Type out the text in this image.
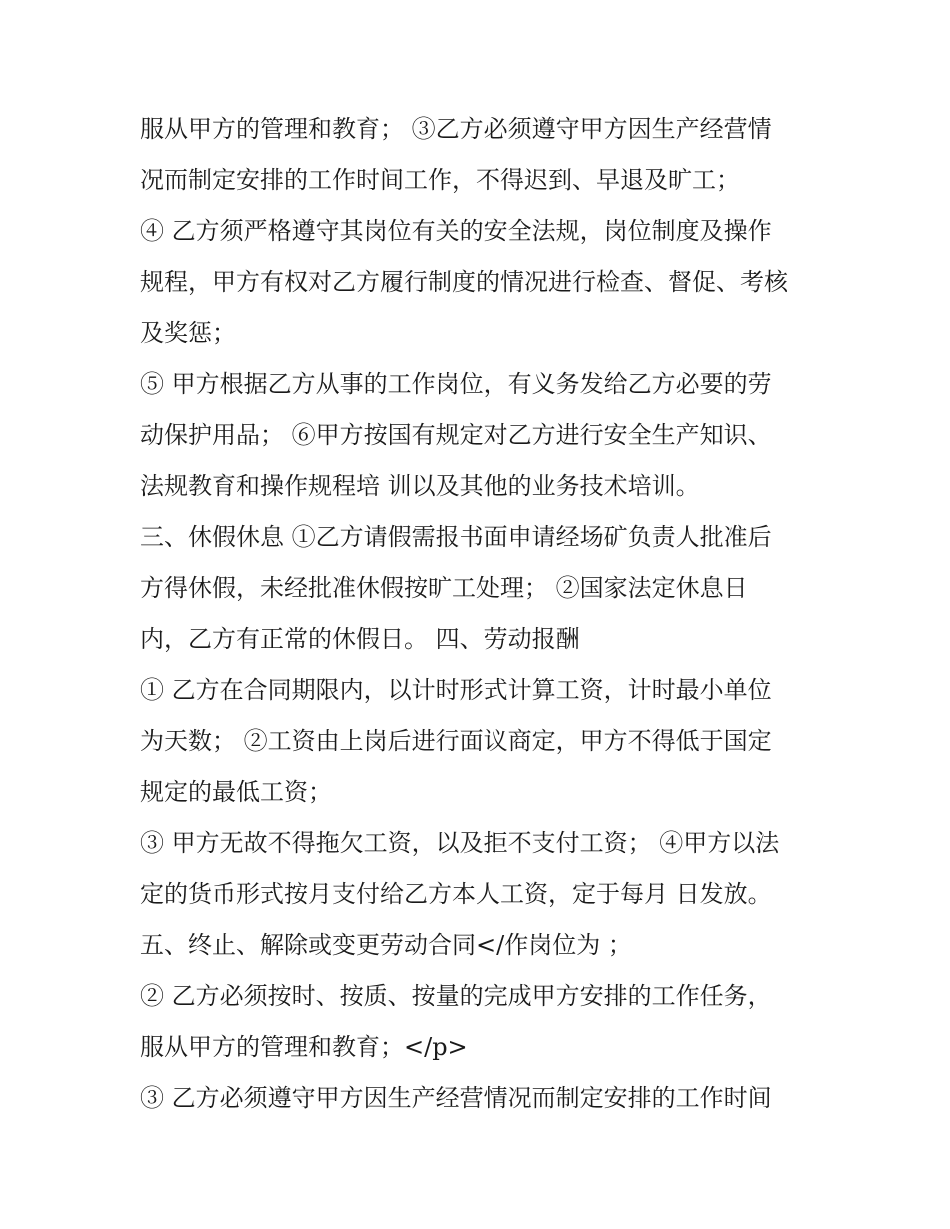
服从甲方的管理和教育； ③乙方必须遵守甲方因生产经营情
况而制定安排的工作时间工作，不得迟到、早退及旷工；
④ 乙方须严格遵守其岗位有关的安全法规，岗位制度及操作
规程，甲方有权对乙方履行制度的情况进行检查、督促、考核
及奖惩；
⑤ 甲方根据乙方从事的工作岗位，有义务发给乙方必要的劳
动保护用品； ⑥甲方按国有规定对乙方进行安全生产知识、
法规教育和操作规程培 训以及其他的业务技术培训。
三、休假休息 ①乙方请假需报书面申请经场矿负责人批准后
方得休假，未经批准休假按旷工处理； ②国家法定休息日
内，乙方有正常的休假日。 四、劳动报酬
① 乙方在合同期限内，以计时形式计算工资，计时最小单位
为天数； ②工资由上岗后进行面议商定，甲方不得低于国定
规定的最低工资；
③ 甲方无故不得拖欠工资，以及拒不支付工资； ④甲方以法
定的货币形式按月支付给乙方本人工资，定于每月 日发放。
五、终止、解除或变更劳动合同</作岗位为 ；
② 乙方必须按时、按质、按量的完成甲方安排的工作任务，
服从甲方的管理和教育；</p>
③ 乙方必须遵守甲方因生产经营情况而制定安排的工作时间
